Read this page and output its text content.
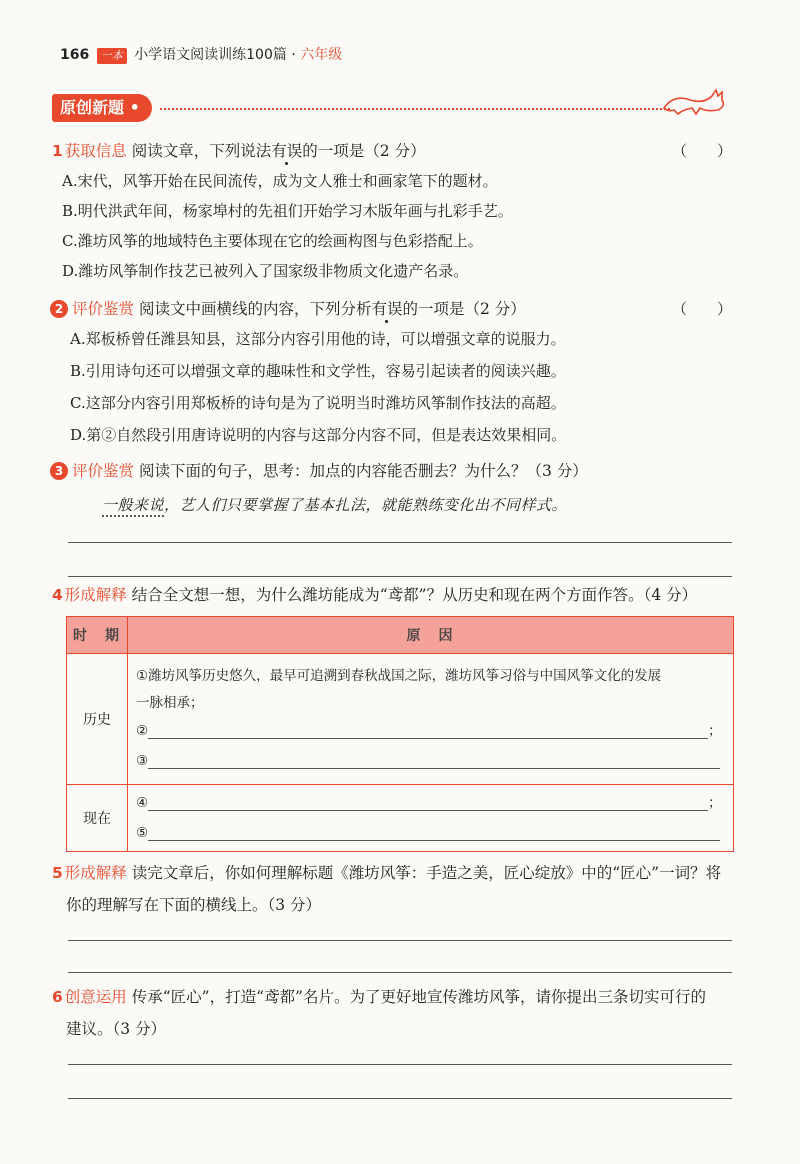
166 一本 小学语文阅读训练100篇 · 六年级
原创新题 •
1 获取信息 阅读文章，下列说法有误的一项是（2 分）	（　　）
A.宋代，风筝开始在民间流传，成为文人雅士和画家笔下的题材。
B.明代洪武年间，杨家埠村的先祖们开始学习木版年画与扎彩手艺。
C.潍坊风筝的地域特色主要体现在它的绘画构图与色彩搭配上。
D.潍坊风筝制作技艺已被列入了国家级非物质文化遗产名录。
2 评价鉴赏 阅读文中画横线的内容，下列分析有误的一项是（2 分）	（　　）
A.郑板桥曾任潍县知县，这部分内容引用他的诗，可以增强文章的说服力。
B.引用诗句还可以增强文章的趣味性和文学性，容易引起读者的阅读兴趣。
C.这部分内容引用郑板桥的诗句是为了说明当时潍坊风筝制作技法的高超。
D.第②自然段引用唐诗说明的内容与这部分内容不同，但是表达效果相同。
3 评价鉴赏 阅读下面的句子，思考：加点的内容能否删去？为什么？（3 分）
一般来说，艺人们只要掌握了基本扎法，就能熟练变化出不同样式。
4 形成解释 结合全文想一想，为什么潍坊能成为“鸢都”？从历史和现在两个方面作答。（4 分）
时　期	原　因
历史	①潍坊风筝历史悠久，最早可追溯到春秋战国之际，潍坊风筝习俗与中国风筝文化的发展
一脉相承；
② ；
③

现在	④ ；
⑤
5 形成解释 读完文章后，你如何理解标题《潍坊风筝：手造之美，匠心绽放》中的“匠心”一词？将
你的理解写在下面的横线上。（3 分）
6 创意运用 传承“匠心”，打造“鸢都”名片。为了更好地宣传潍坊风筝，请你提出三条切实可行的
建议。（3 分）
